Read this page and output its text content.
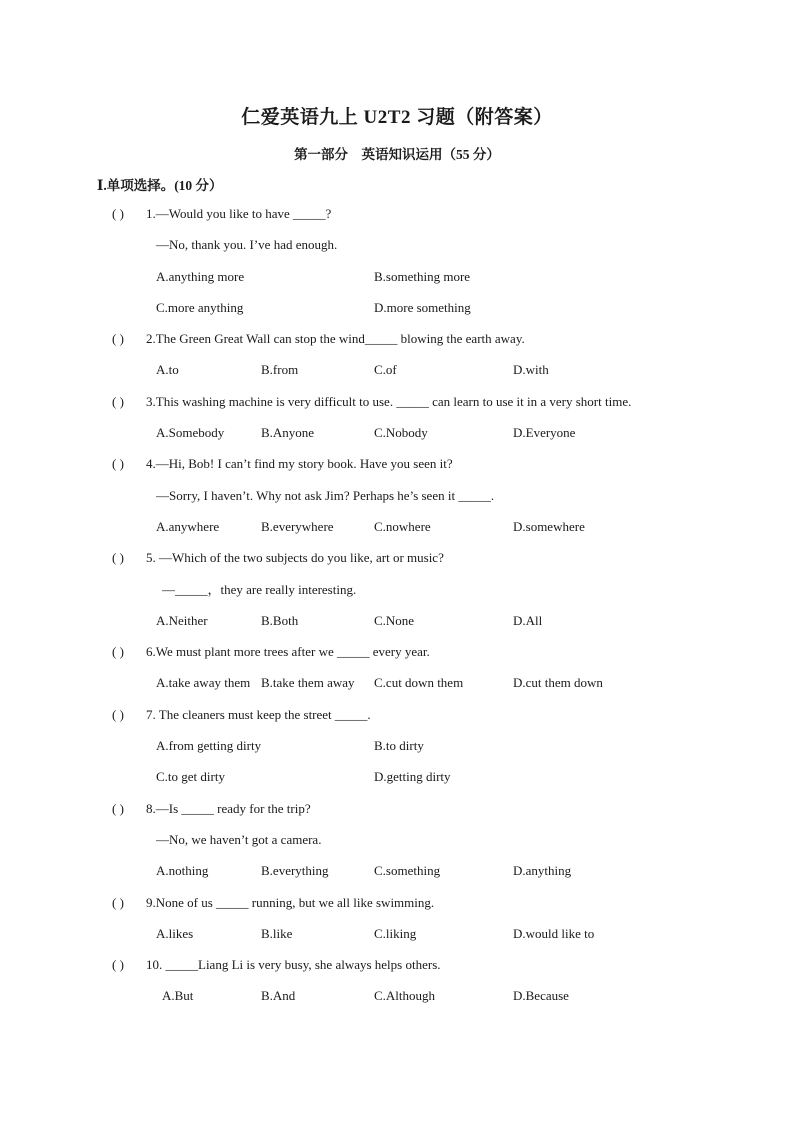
仁爱英语九上 U2T2 习题（附答案）

第一部分　英语知识运用（55 分）

Ⅰ.单项选择。(10 分）

( ) 1.—Would you like to have _____?
—No, thank you. I’ve had enough.
A.anything more	B.something more
C.more anything	D.more something
( ) 2.The Green Great Wall can stop the wind_____ blowing the earth away.
A.to	B.from	C.of	D.with
( ) 3.This washing machine is very difficult to use. _____ can learn to use it in a very short time.
A.Somebody	B.Anyone	C.Nobody	D.Everyone
( ) 4.—Hi, Bob! I can’t find my story book. Have you seen it?
—Sorry, I haven’t. Why not ask Jim? Perhaps he’s seen it _____.
A.anywhere	B.everywhere	C.nowhere	D.somewhere
( ) 5. —Which of the two subjects do you like, art or music?
—_____，they are really interesting.
A.Neither	B.Both	C.None	D.All
( ) 6.We must plant more trees after we _____ every year.
A.take away them B.take them away C.cut down them	D.cut them down
( ) 7. The cleaners must keep the street _____.
A.from getting dirty	B.to dirty
C.to get dirty	D.getting dirty
( ) 8.—Is _____ ready for the trip?
—No, we haven’t got a camera.
A.nothing	B.everything	C.something	D.anything
( ) 9.None of us _____ running, but we all like swimming.
A.likes	B.like	C.liking	D.would like to
( ) 10. _____Liang Li is very busy, she always helps others.
A.But	B.And	C.Although	D.Because
